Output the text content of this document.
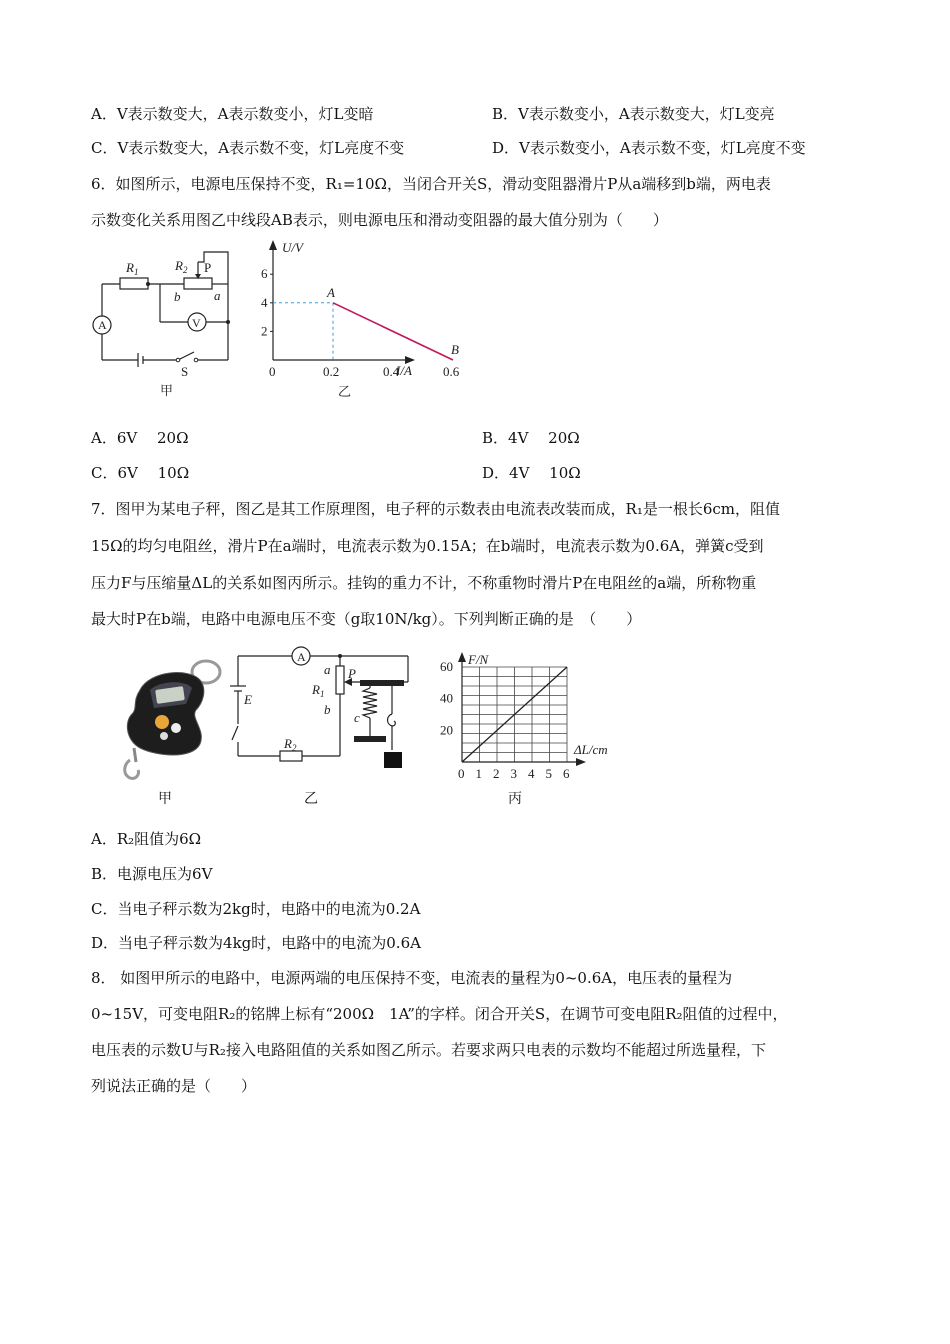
A．V表示数变大，A表示数变小，灯L变暗	B．V表示数变小，A表示数变大，灯L变亮
C．V表示数变大，A表示数不变，灯L亮度不变	D．V表示数变小，A表示数不变，灯L亮度不变
6．如图所示，电源电压保持不变，R₁=10Ω，当闭合开关S，滑动变阻器滑片P从a端移到b端，两电表
示数变化关系用图乙中线段AB表示，则电源电压和滑动变阻器的最大值分别为（　　）
$R_1$	$R_2$ P
b	a
A	V
S
甲
6
4
2
0	0.2	0.4	0.6
A
B
U/V
I/A
乙
A．6V　 20Ω	B．4V　 20Ω
C．6V　 10Ω	D．4V　 10Ω
7．图甲为某电子秤，图乙是其工作原理图，电子秤的示数表由电流表改装而成，R₁是一根长6cm，阻值
15Ω的均匀电阻丝，滑片P在a端时，电流表示数为0.15A；在b端时，电流表示数为0.6A，弹簧c受到
压力F与压缩量ΔL的关系如图丙所示。挂钩的重力不计，不称重物时滑片P在电阻丝的a端，所称物重
最大时P在b端，电路中电源电压不变（g取10N/kg）。下列判断正确的是　（　　）
A
E
$R_1$
a
b
P
c
$R_2$
60
40
20
0 1 2 3 4 5 6
F/N
ΔL/cm
甲	乙	丙
A．R₂阻值为6Ω
B．电源电压为6V
C．当电子秤示数为2kg时，电路中的电流为0.2A
D．当电子秤示数为4kg时，电路中的电流为0.6A
8． 如图甲所示的电路中，电源两端的电压保持不变，电流表的量程为0~0.6A，电压表的量程为
0~15V，可变电阻R₂的铭牌上标有“200Ω　1A”的字样。闭合开关S，在调节可变电阻R₂阻值的过程中，
电压表的示数U与R₂接入电路阻值的关系如图乙所示。若要求两只电表的示数均不能超过所选量程，下
列说法正确的是（　　）
